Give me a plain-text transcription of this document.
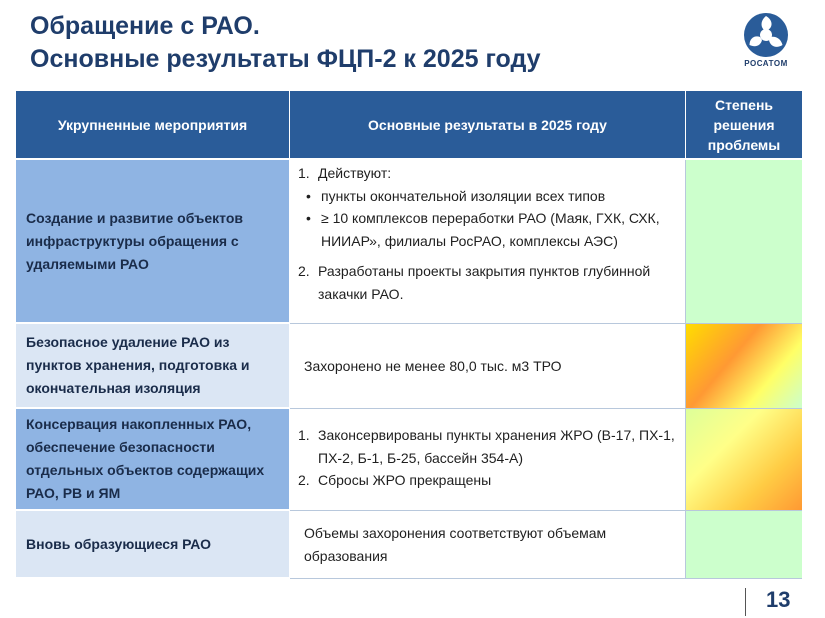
Обращение с РАО.
Основные результаты ФЦП-2 к 2025 году	РОСАТОМ
Укрупненные мероприятия	Основные результаты в 2025 году
Степень решения проблемы
Создание и развитие объектов инфраструктуры обращения с удаляемыми РАО
1. Действуют:
• пункты окончательной изоляции всех типов
• ≥ 10 комплексов переработки РАО (Маяк, ГХК, СХК, НИИАР», филиалы РосРАО, комплексы АЭС)
2. Разработаны проекты закрытия пунктов глубинной закачки РАО.
Безопасное удаление РАО из пунктов хранения, подготовка и окончательная изоляция
Захоронено не менее 80,0 тыс. м3 ТРО
Консервация накопленных РАО, обеспечение безопасности отдельных объектов содержащих РАО, РВ и ЯМ
1. Законсервированы пункты хранения ЖРО (В-17, ПХ-1, ПХ-2, Б-1, Б-25, бассейн 354-А)
2. Сбросы ЖРО прекращены
Вновь образующиеся РАО
Объемы захоронения соответствуют объемам образования
13
